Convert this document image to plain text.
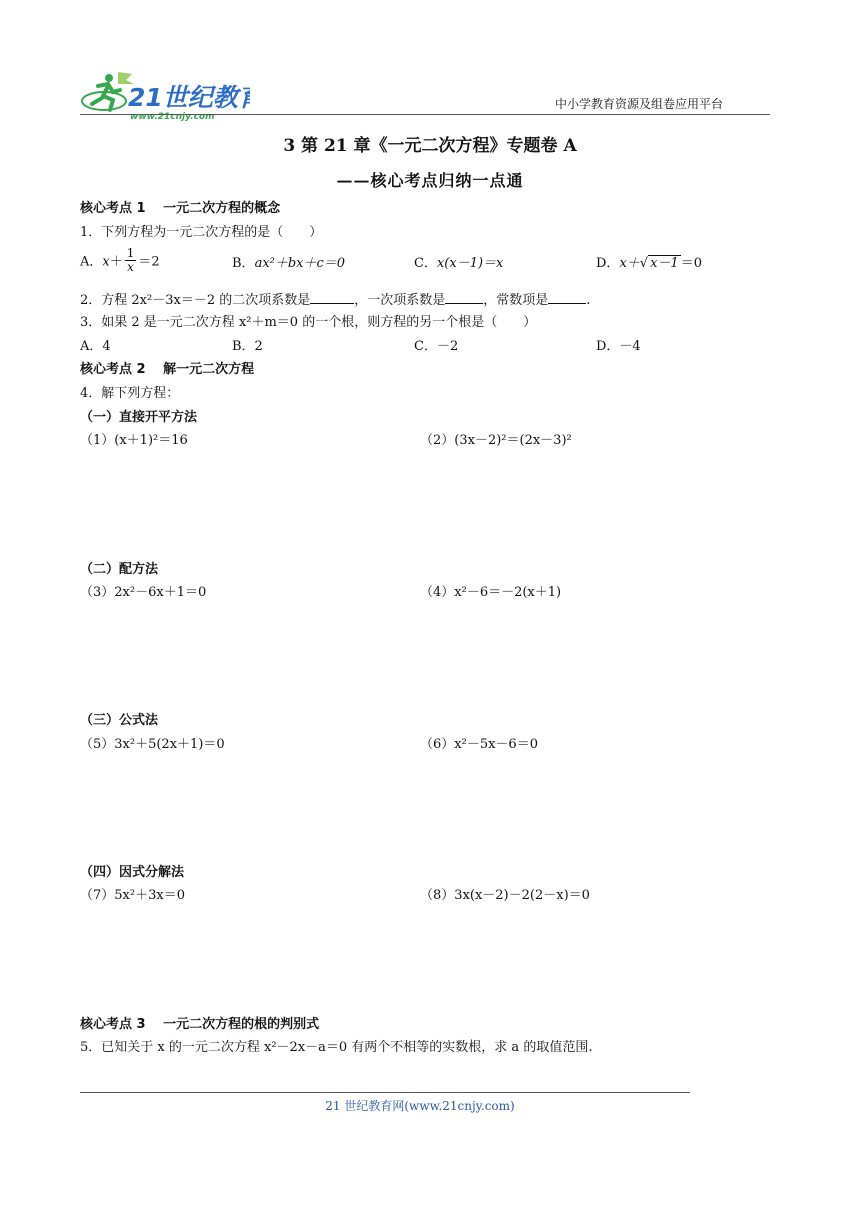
21世纪教育
www.21cnjy.com
中小学教育资源及组卷应用平台
3 第 21 章《一元二次方程》专题卷 A
——核心考点归纳一点通
核心考点 1　 一元二次方程的概念
1．下列方程为一元二次方程的是（　　）
A．$x+ \frac{1}{x} =2$	B．ax²＋bx＋c＝0	C．x(x－1)＝x	D．x＋√ x－1 ＝0
2．方程 2x²－3x＝－2 的二次项系数是	，一次项系数是	，常数项是	.
3．如果 2 是一元二次方程 x²＋m＝0 的一个根，则方程的另一个根是（　　）
A．4	B．2	C．－2	D．－4
核心考点 2　 解一元二次方程
4．解下列方程：
（一）直接开平方法
（1）(x＋1)²＝16	（2）(3x－2)²＝(2x－3)²
（二）配方法
（3）2x²－6x＋1＝0	（4）x²－6＝－2(x＋1)
（三）公式法
（5）3x²＋5(2x＋1)＝0	（6）x²－5x－6＝0
（四）因式分解法
（7）5x²＋3x＝0	（8）3x(x－2)－2(2－x)＝0
核心考点 3　 一元二次方程的根的判别式
5．已知关于 x 的一元二次方程 x²－2x－a＝0 有两个不相等的实数根，求 a 的取值范围.
21 世纪教育网(www.21cnjy.com)
